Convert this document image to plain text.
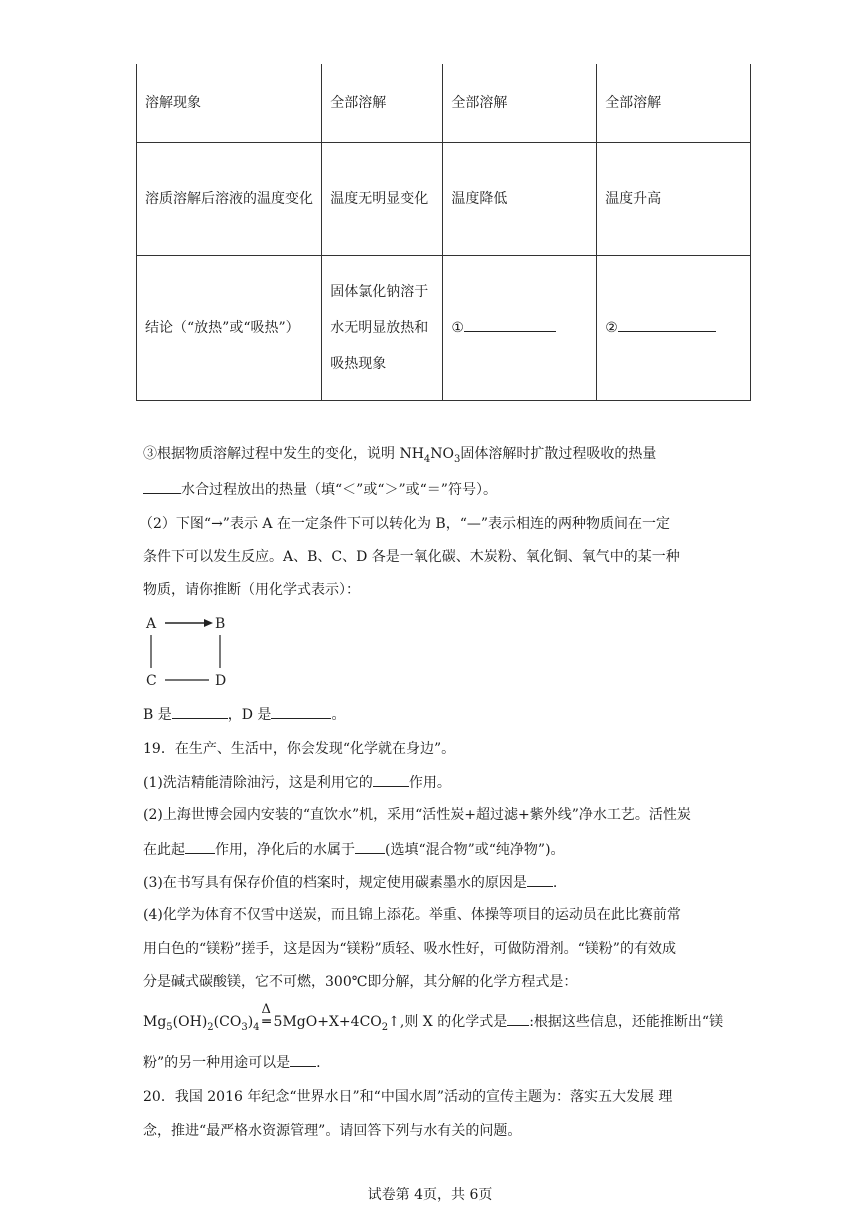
溶解现象	全部溶解	全部溶解	全部溶解
溶质溶解后溶液的温度变化	温度无明显变化	温度降低	温度升高
结论（“放热”或“吸热”）	固体氯化钠溶于水无明显放热和吸热现象	①	②
③根据物质溶解过程中发生的变化，说明 $NH_4NO_3$固体溶解时扩散过程吸收的热量
水合过程放出的热量（填“＜”或“＞”或“＝”符号）。
（2）下图“→”表示 A 在一定条件下可以转化为 B，“—”表示相连的两种物质间在一定
条件下可以发生反应。A、B、C、D 各是一氧化碳、木炭粉、氧化铜、氧气中的某一种
物质，请你推断（用化学式表示）：
A	B
C	D
B 是	，D 是	。
19．在生产、生活中，你会发现“化学就在身边”。
(1)洗洁精能清除油污，这是利用它的	作用。
(2)上海世博会园内安装的“直饮水”机，采用“活性炭+超过滤+紫外线”净水工艺。活性炭
在此起 作用，净化后的水属于 (选填“混合物”或“纯净物”)。
(3)在书写具有保存价值的档案时，规定使用碳素墨水的原因是 .
(4)化学为体育不仅雪中送炭，而且锦上添花。举重、体操等项目的运动员在此比赛前常
用白色的“镁粉”搓手，这是因为“镁粉”质轻、吸水性好，可做防滑剂。“镁粉”的有效成
分是碱式碳酸镁，它不可燃，300℃即分解，其分解的化学方程式是：
$Mg_5(OH)_2(CO_3)_4$
Δ
═ $5MgO+X+4CO_2↑$,则 X 的化学式是 :根据这些信息，还能推断出“镁
粉”的另一种用途可以是 .
20．我国 2016 年纪念“世界水日”和“中国水周”活动的宣传主题为：落实五大发展 理
念，推进“最严格水资源管理”。请回答下列与水有关的问题。
试卷第 4页，共 6页
